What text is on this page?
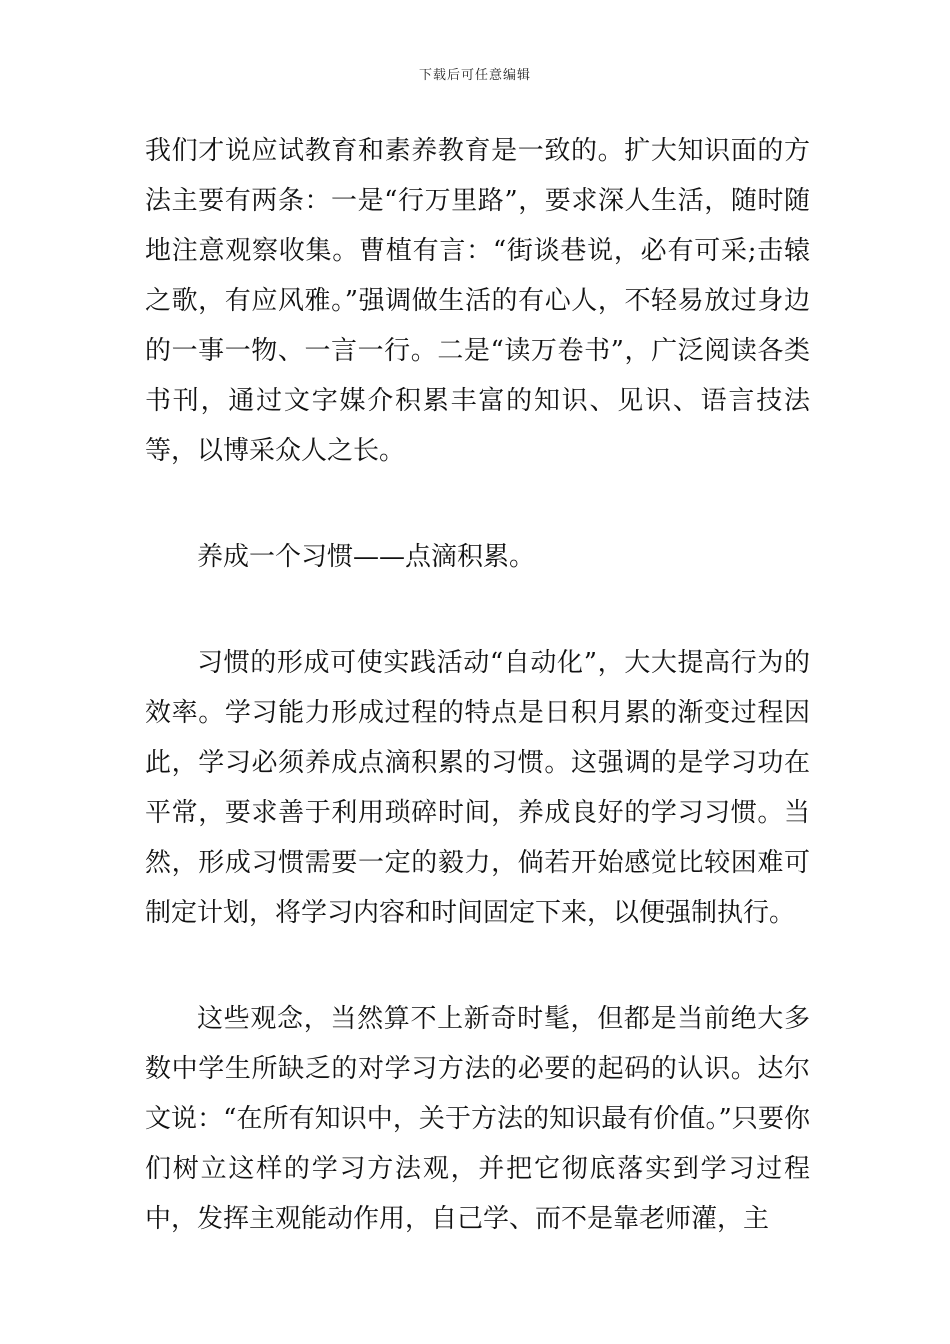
下载后可任意编辑

我们才说应试教育和素养教育是一致的。扩大知识面的方法主要有两条：一是“行万里路”，要求深人生活，随时随地注意观察收集。曹植有言：“街谈巷说，必有可采;击辕之歌，有应风雅。”强调做生活的有心人，不轻易放过身边的一事一物、一言一行。二是“读万卷书”，广泛阅读各类书刊，通过文字媒介积累丰富的知识、见识、语言技法等，以博采众人之长。

养成一个习惯——点滴积累。

习惯的形成可使实践活动“自动化”，大大提高行为的效率。学习能力形成过程的特点是日积月累的渐变过程因此，学习必须养成点滴积累的习惯。这强调的是学习功在平常，要求善于利用琐碎时间，养成良好的学习习惯。当然，形成习惯需要一定的毅力，倘若开始感觉比较困难可制定计划，将学习内容和时间固定下来，以便强制执行。

这些观念，当然算不上新奇时髦，但都是当前绝大多数中学生所缺乏的对学习方法的必要的起码的认识。达尔文说：“在所有知识中，关于方法的知识最有价值。”只要你们树立这样的学习方法观，并把它彻底落实到学习过程中，发挥主观能动作用，自己学、而不是靠老师灌，主
